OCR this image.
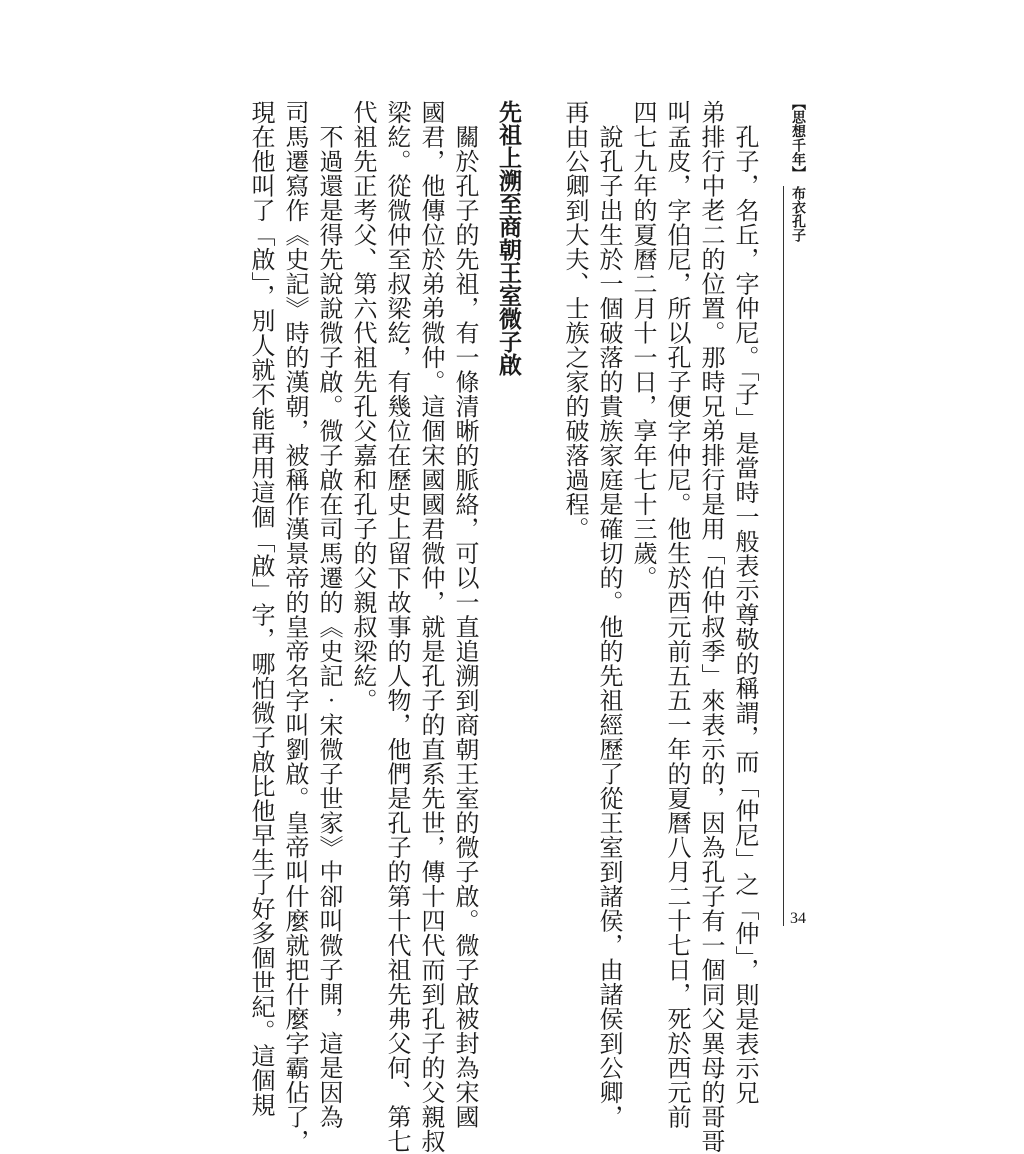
【思想千年】
布衣孔子
34
　孔子，名丘，字仲尼。「子」是當時一般表示尊敬的稱謂，而「仲尼」之「仲」，則是表示兄
弟排行中老二的位置。那時兄弟排行是用「伯仲叔季」來表示的，因為孔子有一個同父異母的哥哥
叫孟皮，字伯尼，所以孔子便字仲尼。他生於西元前五五一年的夏曆八月二十七日，死於西元前
四七九年的夏曆二月十一日，享年七十三歲。
　說孔子出生於一個破落的貴族家庭是確切的。他的先祖經歷了從王室到諸侯，由諸侯到公卿，
再由公卿到大夫、士族之家的破落過程。
先祖上溯至商朝王室微子啟
　關於孔子的先祖，有一條清晰的脈絡，可以一直追溯到商朝王室的微子啟。微子啟被封為宋國
國君，他傳位於弟弟微仲。這個宋國國君微仲，就是孔子的直系先世，傳十四代而到孔子的父親叔
梁紇。從微仲至叔梁紇，有幾位在歷史上留下故事的人物，他們是孔子的第十代祖先弗父何、第七
代祖先正考父、第六代祖先孔父嘉和孔子的父親叔梁紇。
　不過還是得先說說微子啟。微子啟在司馬遷的《史記‧宋微子世家》中卻叫微子開，這是因為
司馬遷寫作《史記》時的漢朝，被稱作漢景帝的皇帝名字叫劉啟。皇帝叫什麼就把什麼字霸佔了，
現在他叫了「啟」，別人就不能再用這個「啟」字，哪怕微子啟比他早生了好多個世紀。這個規
